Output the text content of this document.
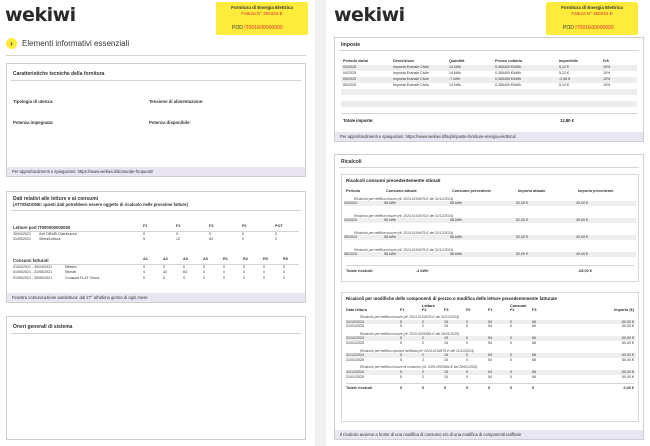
wekiwi	Fornitura di Energia Elettrica
Fattura N° 360334-E
POD IT001E00000000
›	Elementi informativi essenziali
Caratteristiche tecniche della fornitura
Tipologia di utenza:	Tensione di alimentazione:
Potenza impegnata:	Potenza disponibile:
Per approfondimenti e spiegazioni: https://www.wekiwi.it/domande-frequenti/
Dati relativi alle letture e ai consumi
(ATTENZIONE: questi dati potrebbero essere oggetto di ricalcolo nelle prossime fatture)
Letture pod IT000000000000	F1	F2	F3	F0	POT
30/04/2021	Zeit ORARI Distributore	0	0	0	0	3
31/05/2021	Stima/Lettura	5	12	84	0	2
Consumi fatturati	A1	A2	A3	A0	R1	R2	R3	R0
01/04/2021 - 30/04/2021	Effettivi	0	0	0	0	0	0	0	0
01/05/2021 - 31/05/2021	Stimati	4	42	64	0	0	0	0	0
01/06/2021 - 30/06/2021	Consumi FLAT Cerca	0	0	0	0	0	0	0	0
Finestra comunicazione autolettura: dal 27° all'ultimo giorno di ogni mese
Oneri generali di sistema
wekiwi	Fornitura di Energia Elettrica
Fattura N° 360334-E
POD IT001E00000000
Imposte
Periodo dal/al	Descrizione	Quantità	Prezzo unitario	Imponibile	IVA
03/2025	Imposta Erariale Civile	14 kWh	0,365400 €/kWh	5,12 €	10%
04/2025	Imposta Erariale Civile	14 kWh	0,365400 €/kWh	5,12 €	10%
05/2025	Imposta Erariale Civile	-7 kWh	0,365400 €/kWh	-2,56 €	10%
06/2025	Imposta Erariale Civile	14 kWh	0,365400 €/kWh	5,12 €	10%
Totale imposte:	12,80 €
Per approfondimenti e spiegazioni: https://www.wekiwi.it/faq/imposte-forniture-energia-elettrica/
Ricalcoli
Ricalcoli consumi precedentemente stimati
Periodo	Consumo attuale	Consumo precedente	Importo attuale	Importo precedente
Ricalcolo per rettifica misure (rif. 2024-0154679-E del 31/12/2024)
03/2024	58 kWh	58 kWh	52,00 €	49,00 €
Ricalcolo per rettifica misure (rif. 2024-0154679-E del 31/12/2024)
04/2024	58 kWh	58 kWh	52,00 €	49,00 €
Ricalcolo per rettifica misure (rif. 2024-0154679-E del 31/12/2024)
05/2024	58 kWh	58 kWh	52,00 €	49,00 €
Ricalcolo per rettifica misure (rif. 2024-0154679-E del 31/12/2024)
06/2024	58 kWh	58 kWh	52,00 €	49,00 €
Totale ricalcoli:	-4 kWh	-68,00 €
Ricalcoli per modifiche delle componenti di prezzo o modifica delle letture precedentemente fatturate
Letture	Consumi
Data lettura	F1	F2	F3	F0	F1	F2	F3	Importo (€)
Ricalcolo per rettifica misure (rif. 2024-0154679-E del 31/12/2024)
31/12/2024	5	2	15	0	54	0	66	-50,00 €
31/01/2025	5	2	15	0	54	0	66	50,00 €
Ricalcolo per rettifica misure (rif. 2025-0005584-E del 28/01/2025)
31/12/2024	5	2	15	0	54	0	66	-50,00 €
31/01/2025	5	2	15	0	54	0	66	50,00 €
Ricalcolo per rettifica opzione tariffaria (rif. 2024-0154679-E del 31/12/2024)
31/12/2024	5	2	15	0	54	0	66	-50,00 €
31/01/2025	5	2	15	0	54	0	66	50,00 €
Ricalcolo per rettifica misure di consumo (rif. 2025-0005584-E del 28/01/2025)
31/12/2024	5	2	15	0	54	0	66	-50,00 €
31/01/2025	5	2	15	0	54	0	66	50,00 €
Totale ricalcoli	0	0	0	0	0	0	0	0,00 €
Il ricalcolo avviene a fronte di una modifica di consumo e/o di una modifica di componenti tariffarie
